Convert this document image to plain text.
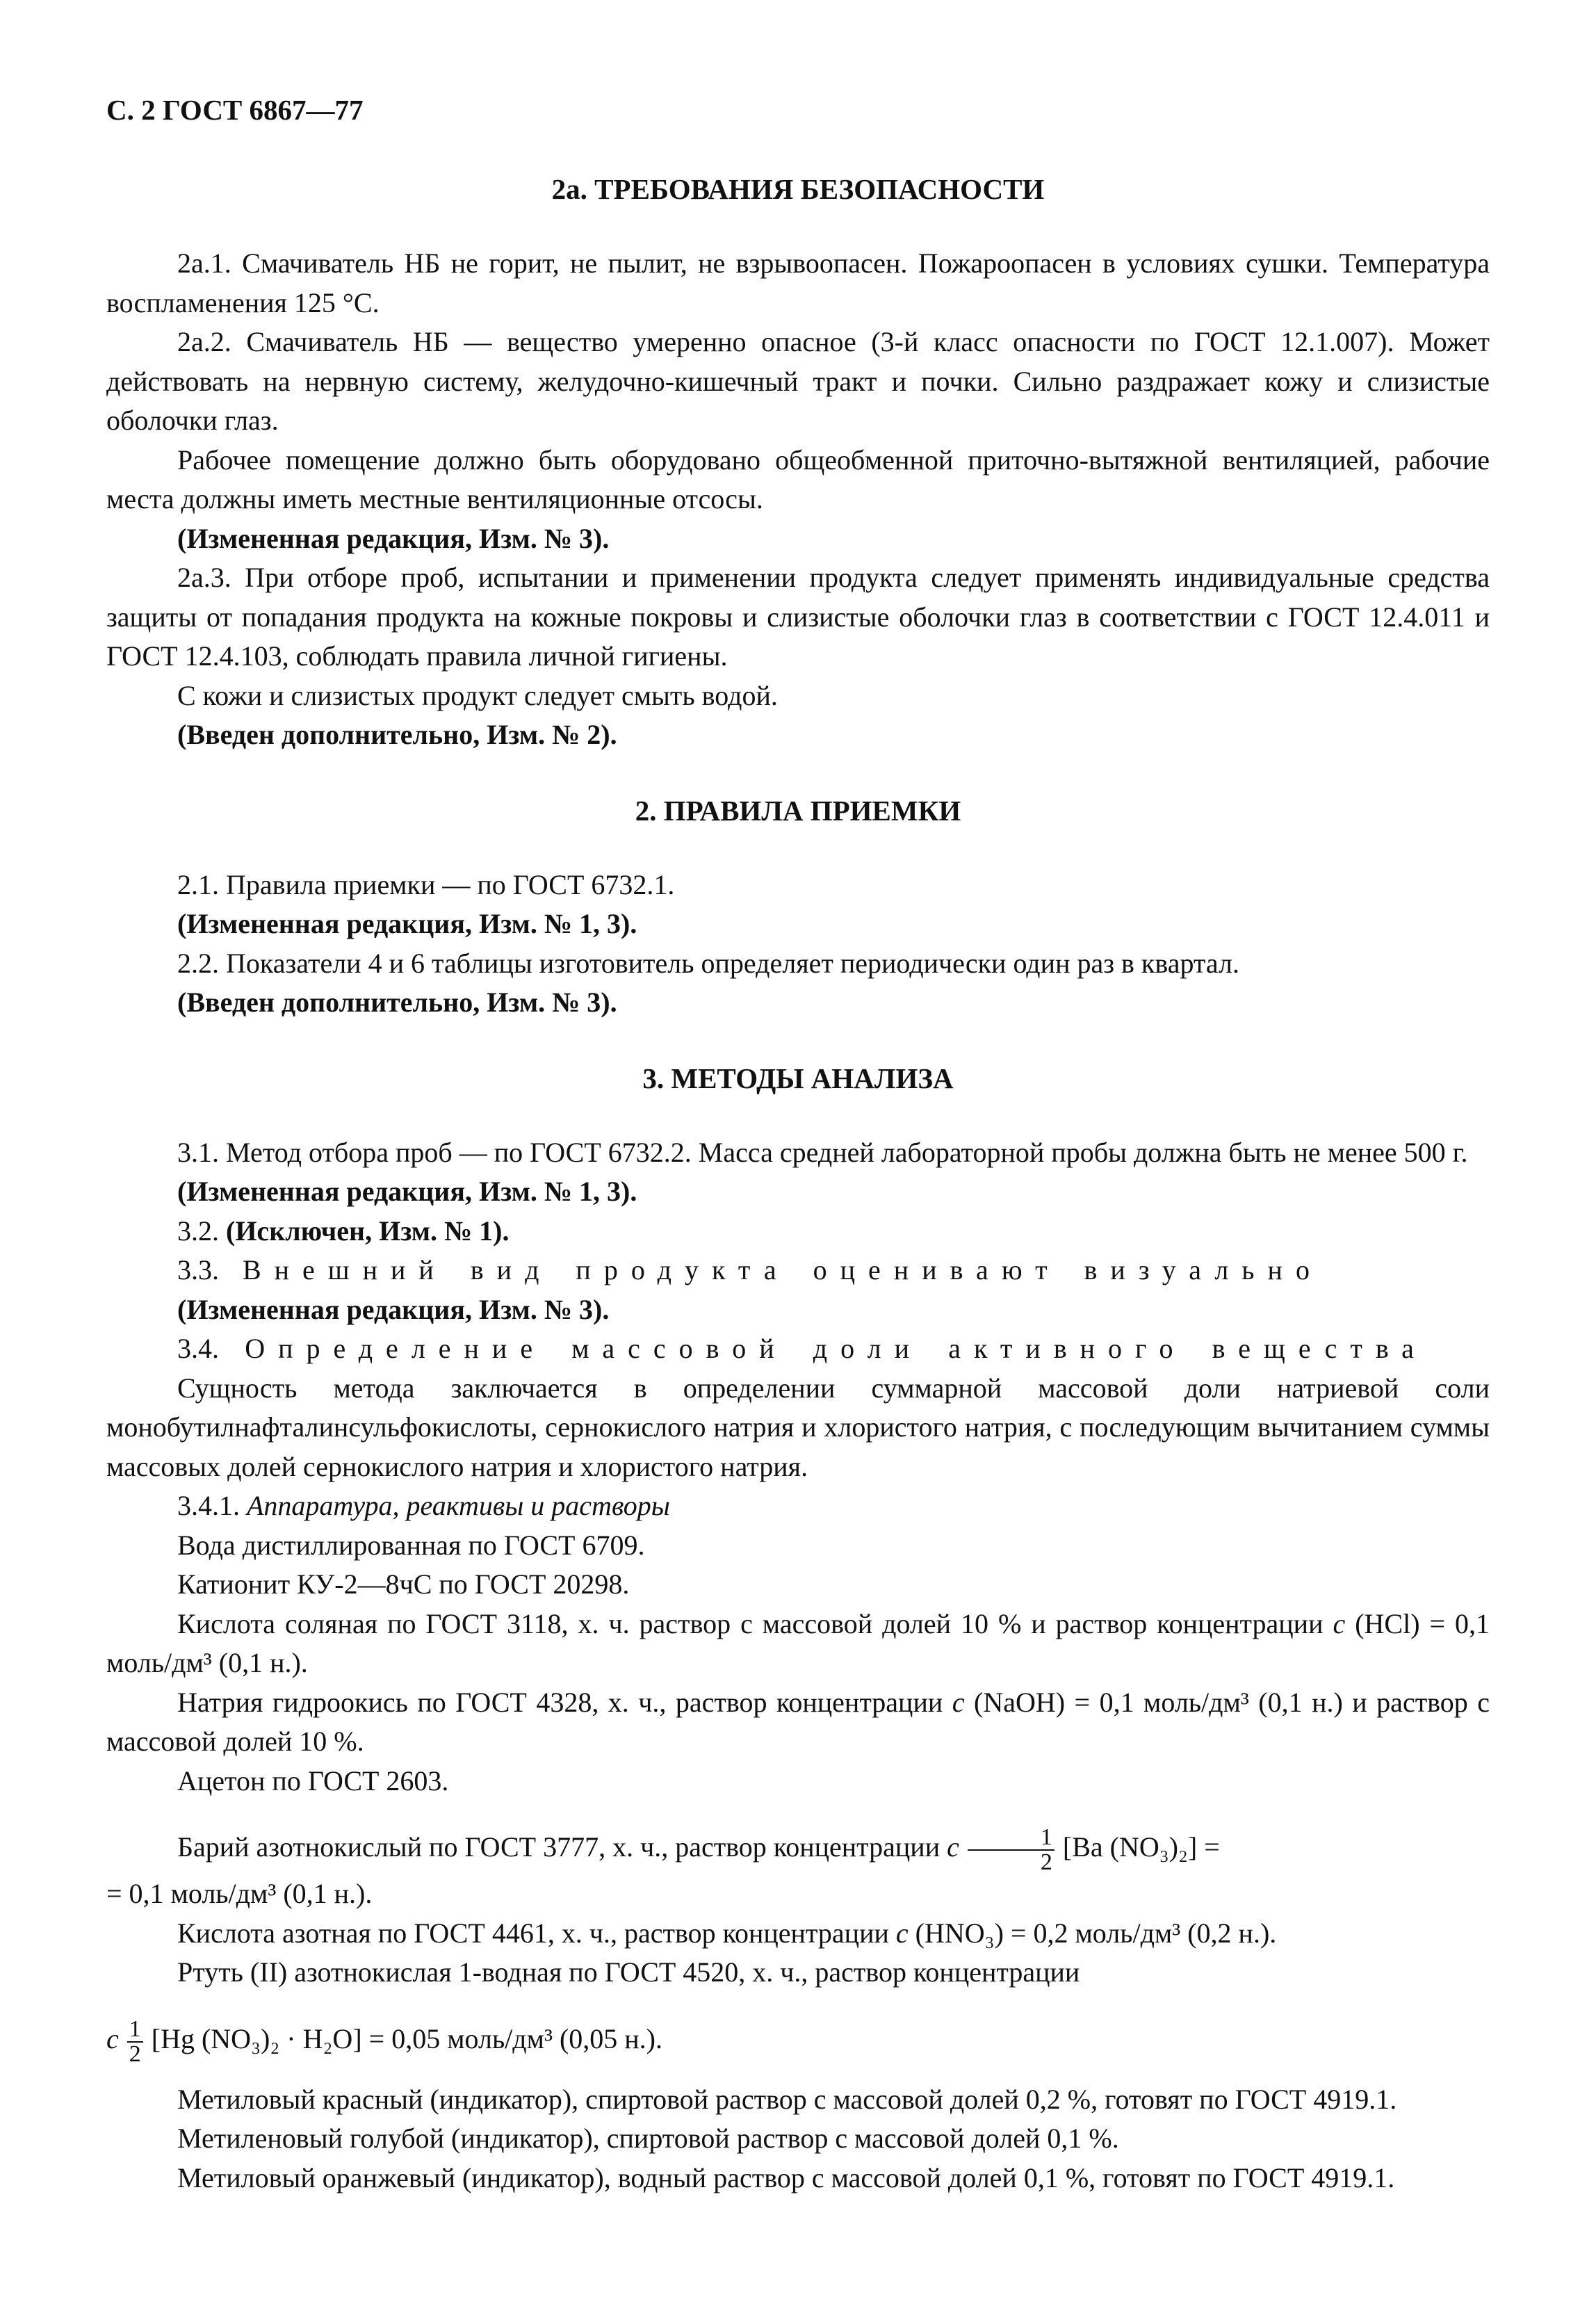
С. 2 ГОСТ 6867—77
2а. ТРЕБОВАНИЯ БЕЗОПАСНОСТИ

2а.1. Смачиватель НБ не горит, не пылит, не взрывоопасен. Пожароопасен в условиях сушки. Температура воспламенения 125 °С.

2а.2. Смачиватель НБ — вещество умеренно опасное (3-й класс опасности по ГОСТ 12.1.007). Может действовать на нервную систему, желудочно-кишечный тракт и почки. Сильно раздражает кожу и слизистые оболочки глаз.

Рабочее помещение должно быть оборудовано общеобменной приточно-вытяжной вентиляцией, рабочие места должны иметь местные вентиляционные отсосы.

(Измененная редакция, Изм. № 3).

2а.3. При отборе проб, испытании и применении продукта следует применять индивидуальные средства защиты от попадания продукта на кожные покровы и слизистые оболочки глаз в соответствии с ГОСТ 12.4.011 и ГОСТ 12.4.103, соблюдать правила личной гигиены.

С кожи и слизистых продукт следует смыть водой.

(Введен дополнительно, Изм. № 2).

2. ПРАВИЛА ПРИЕМКИ

2.1. Правила приемки — по ГОСТ 6732.1.

(Измененная редакция, Изм. № 1, 3).

2.2. Показатели 4 и 6 таблицы изготовитель определяет периодически один раз в квартал.

(Введен дополнительно, Изм. № 3).

3. МЕТОДЫ АНАЛИЗА

3.1. Метод отбора проб — по ГОСТ 6732.2. Масса средней лабораторной пробы должна быть не менее 500 г.

(Измененная редакция, Изм. № 1, 3).

3.2. (Исключен, Изм. № 1).

3.3. Внешний вид продукта оценивают визуально

(Измененная редакция, Изм. № 3).

3.4. Определение массовой доли активного вещества

Сущность метода заключается в определении суммарной массовой доли натриевой соли монобутилнафталинсульфокислоты, сернокислого натрия и хлористого натрия, с последующим вычитанием суммы массовых долей сернокислого натрия и хлористого натрия.

3.4.1. Аппаратура, реактивы и растворы

Вода дистиллированная по ГОСТ 6709.

Катионит КУ-2—8чС по ГОСТ 20298.

Кислота соляная по ГОСТ 3118, х. ч. раствор с массовой долей 10 % и раствор концентрации c (HCl) = 0,1 моль/дм³ (0,1 н.).

Натрия гидроокись по ГОСТ 4328, х. ч., раствор концентрации c (NaOH) = 0,1 моль/дм³ (0,1 н.) и раствор с массовой долей 10 %.

Ацетон по ГОСТ 2603.

Барий азотнокислый по ГОСТ 3777, х. ч., раствор концентрации c $\frac{1}{2} [Ba$ (NO₃)₂] =

= 0,1 моль/дм³ (0,1 н.).

Кислота азотная по ГОСТ 4461, х. ч., раствор концентрации c (HNO₃) = 0,2 моль/дм³ (0,2 н.).

Ртуть (II) азотнокислая 1-водная по ГОСТ 4520, х. ч., раствор концентрации

c $\frac{1}{2} [Hg$ (NO₃)₂ · H₂O] = 0,05 моль/дм³ (0,05 н.).

Метиловый красный (индикатор), спиртовой раствор с массовой долей 0,2 %, готовят по ГОСТ 4919.1.

Метиленовый голубой (индикатор), спиртовой раствор с массовой долей 0,1 %.

Метиловый оранжевый (индикатор), водный раствор с массовой долей 0,1 %, готовят по ГОСТ 4919.1.
